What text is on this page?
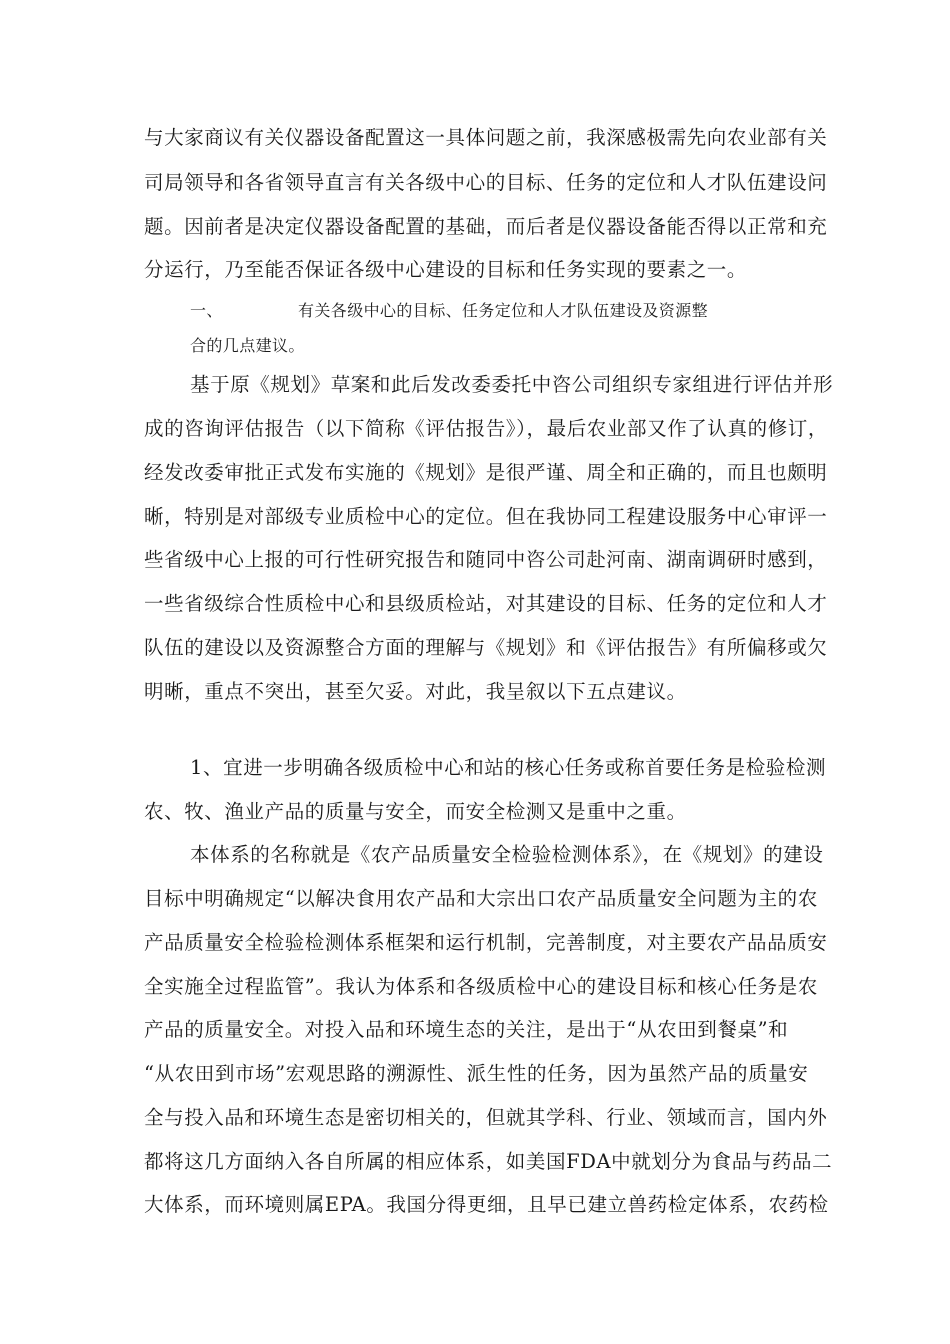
与大家商议有关仪器设备配置这一具体问题之前，我深感极需先向农业部有关
司局领导和各省领导直言有关各级中心的目标、任务的定位和人才队伍建设问
题。因前者是决定仪器设备配置的基础，而后者是仪器设备能否得以正常和充
分运行，乃至能否保证各级中心建设的目标和任务实现的要素之一。
一、	有关各级中心的目标、任务定位和人才队伍建设及资源整
合的几点建议。
基于原《规划》草案和此后发改委委托中咨公司组织专家组进行评估并形
成的咨询评估报告（以下简称《评估报告》），最后农业部又作了认真的修订，
经发改委审批正式发布实施的《规划》是很严谨、周全和正确的，而且也颇明
晰，特别是对部级专业质检中心的定位。但在我协同工程建设服务中心审评一
些省级中心上报的可行性研究报告和随同中咨公司赴河南、湖南调研时感到，
一些省级综合性质检中心和县级质检站，对其建设的目标、任务的定位和人才
队伍的建设以及资源整合方面的理解与《规划》和《评估报告》有所偏移或欠
明晰，重点不突出，甚至欠妥。对此，我呈叙以下五点建议。
1、宜进一步明确各级质检中心和站的核心任务或称首要任务是检验检测
农、牧、渔业产品的质量与安全，而安全检测又是重中之重。
本体系的名称就是《农产品质量安全检验检测体系》，在《规划》的建设
目标中明确规定“以解决食用农产品和大宗出口农产品质量安全问题为主的农
产品质量安全检验检测体系框架和运行机制，完善制度，对主要农产品品质安
全实施全过程监管”。我认为体系和各级质检中心的建设目标和核心任务是农
产品的质量安全。对投入品和环境生态的关注，是出于“从农田到餐桌”和
“从农田到市场”宏观思路的溯源性、派生性的任务，因为虽然产品的质量安
全与投入品和环境生态是密切相关的，但就其学科、行业、领域而言，国内外
都将这几方面纳入各自所属的相应体系，如美国FDA中就划分为食品与药品二
大体系，而环境则属EPA。我国分得更细，且早已建立兽药检定体系，农药检
